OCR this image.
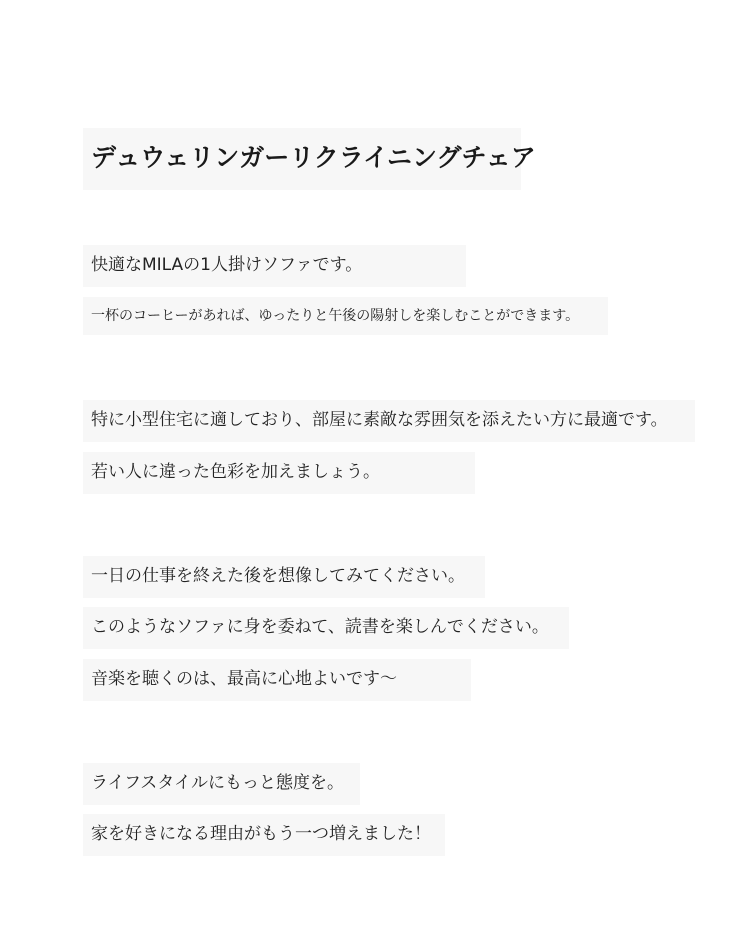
デュウェリンガーリクライニングチェア
快適なMILAの1人掛けソファです。
一杯のコーヒーがあれば、ゆったりと午後の陽射しを楽しむことができます。
特に小型住宅に適しており、部屋に素敵な雰囲気を添えたい方に最適です。
若い人に違った色彩を加えましょう。
一日の仕事を終えた後を想像してみてください。
このようなソファに身を委ねて、読書を楽しんでください。
音楽を聴くのは、最高に心地よいです〜
ライフスタイルにもっと態度を。
家を好きになる理由がもう一つ増えました！
